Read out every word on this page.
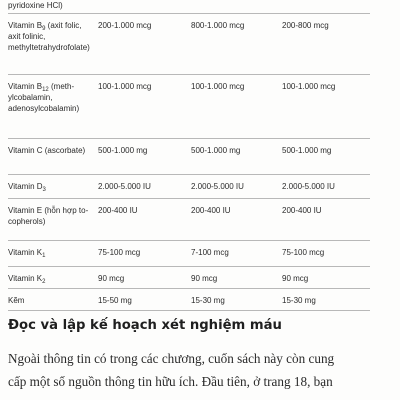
pyridoxine HCl)			
Vitamin $B_9$ (axit folic, axit folinic, methyltetrahydrofolate)	200-1.000 mcg	800-1.000 mcg	200-800 mcg
Vitamin $B_{12}$ (methylcobalamin, adenosylcobalamin)	100-1.000 mcg	100-1.000 mcg	100-1.000 mcg
Vitamin C (ascorbate)	500-1.000 mg	500-1.000 mg	500-1.000 mg
Vitamin $D_3$	2.000-5.000 IU	2.000-5.000 IU	2.000-5.000 IU
Vitamin E (hỗn hợp tocopherols)	200-400 IU	200-400 IU	200-400 IU
Vitamin $K_1$	75-100 mcg	7-100 mcg	75-100 mcg
Vitamin $K_2$	90 mcg	90 mcg	90 mcg
Kẽm	15-50 mg	15-30 mg	15-30 mg
Đọc và lập kế hoạch xét nghiệm máu

Ngoài thông tin có trong các chương, cuốn sách này còn cung
cấp một số nguồn thông tin hữu ích. Đầu tiên, ở trang 18, bạn
